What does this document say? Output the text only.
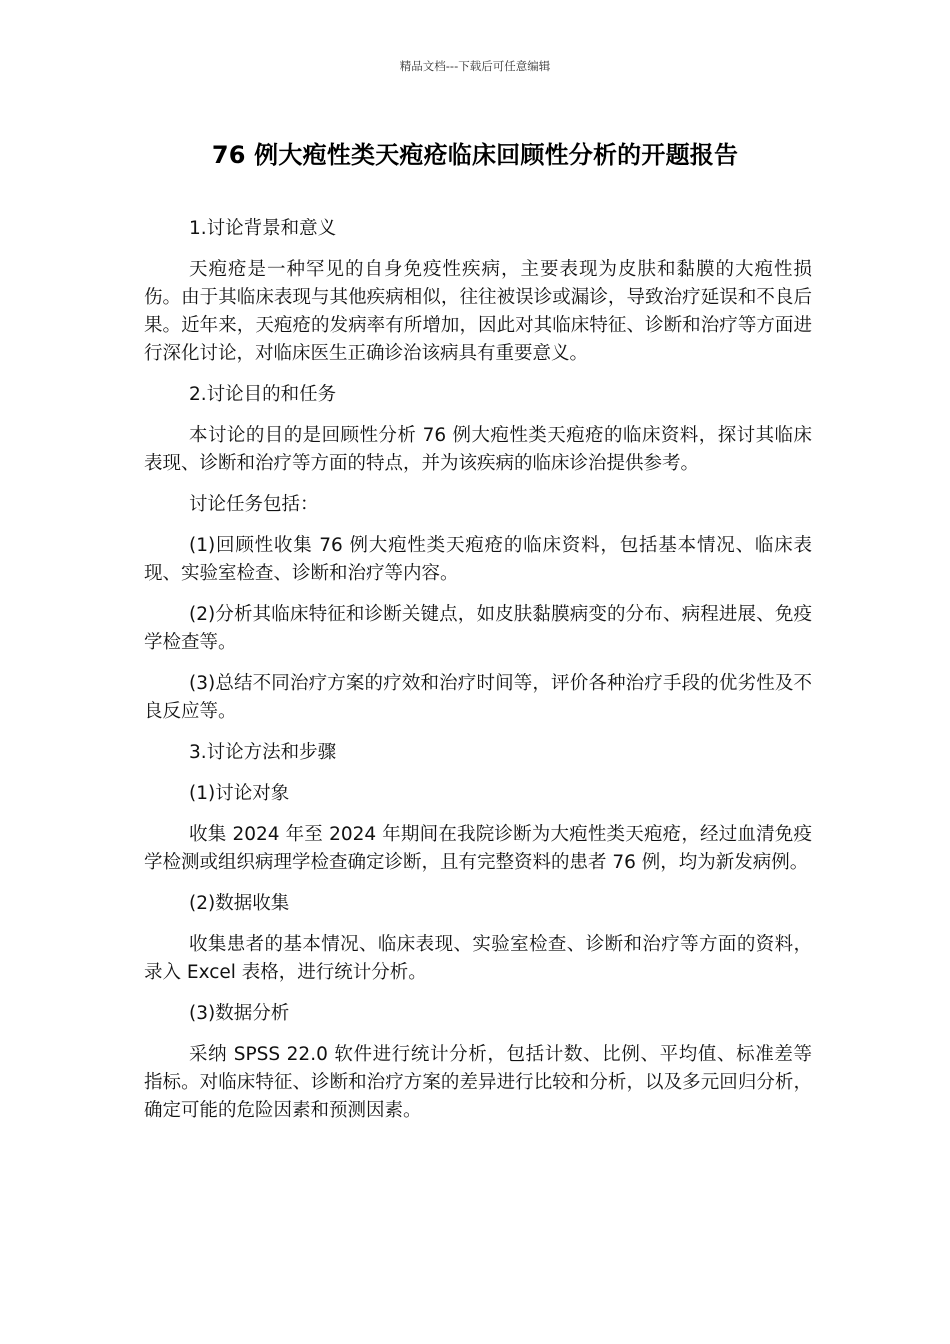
精品文档---下载后可任意编辑
76 例大疱性类天疱疮临床回顾性分析的开题报告

1.讨论背景和意义

天疱疮是一种罕见的自身免疫性疾病，主要表现为皮肤和黏膜的大疱性损伤。由于其临床表现与其他疾病相似，往往被误诊或漏诊，导致治疗延误和不良后果。近年来，天疱疮的发病率有所增加，因此对其临床特征、诊断和治疗等方面进行深化讨论，对临床医生正确诊治该病具有重要意义。

2.讨论目的和任务

本讨论的目的是回顾性分析 76 例大疱性类天疱疮的临床资料，探讨其临床表现、诊断和治疗等方面的特点，并为该疾病的临床诊治提供参考。

讨论任务包括：

(1)回顾性收集 76 例大疱性类天疱疮的临床资料，包括基本情况、临床表现、实验室检查、诊断和治疗等内容。

(2)分析其临床特征和诊断关键点，如皮肤黏膜病变的分布、病程进展、免疫学检查等。

(3)总结不同治疗方案的疗效和治疗时间等，评价各种治疗手段的优劣性及不良反应等。

3.讨论方法和步骤

(1)讨论对象

收集 2024 年至 2024 年期间在我院诊断为大疱性类天疱疮，经过血清免疫学检测或组织病理学检查确定诊断，且有完整资料的患者 76 例，均为新发病例。

(2)数据收集

收集患者的基本情况、临床表现、实验室检查、诊断和治疗等方面的资料，录入 Excel 表格，进行统计分析。

(3)数据分析

采纳 SPSS 22.0 软件进行统计分析，包括计数、比例、平均值、标准差等指标。对临床特征、诊断和治疗方案的差异进行比较和分析，以及多元回归分析，确定可能的危险因素和预测因素。
